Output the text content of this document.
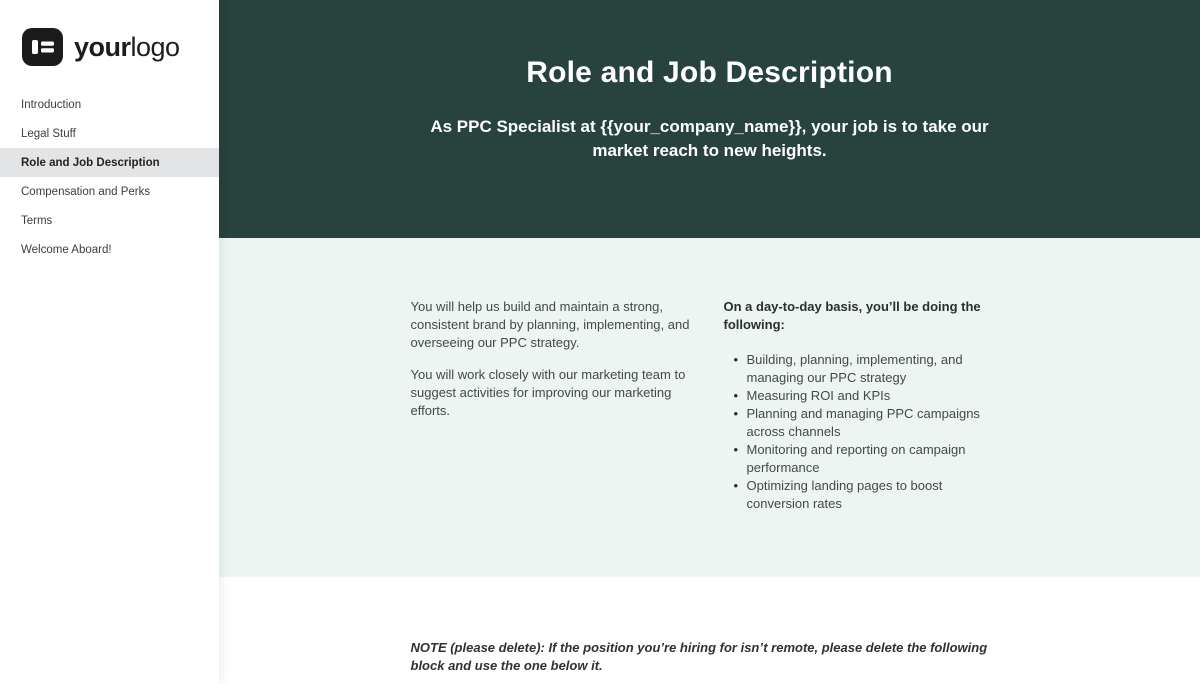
yourlogo
Introduction
Legal Stuff
Role and Job Description
Compensation and Perks
Terms
Welcome Aboard!
Role and Job Description

As PPC Specialist at {{your_company_name}}, your job is to take our market reach to new heights.

You will help us build and maintain a strong, consistent brand by planning, implementing, and overseeing our PPC strategy.

You will work closely with our marketing team to suggest activities for improving our marketing efforts.

On a day-to-day basis, you’ll be doing the following:

• Building, planning, implementing, and managing our PPC strategy
• Measuring ROI and KPIs
• Planning and managing PPC campaigns across channels
• Monitoring and reporting on campaign performance
• Optimizing landing pages to boost conversion rates

NOTE (please delete): If the position you’re hiring for isn’t remote, please delete the following block and use the one below it.
